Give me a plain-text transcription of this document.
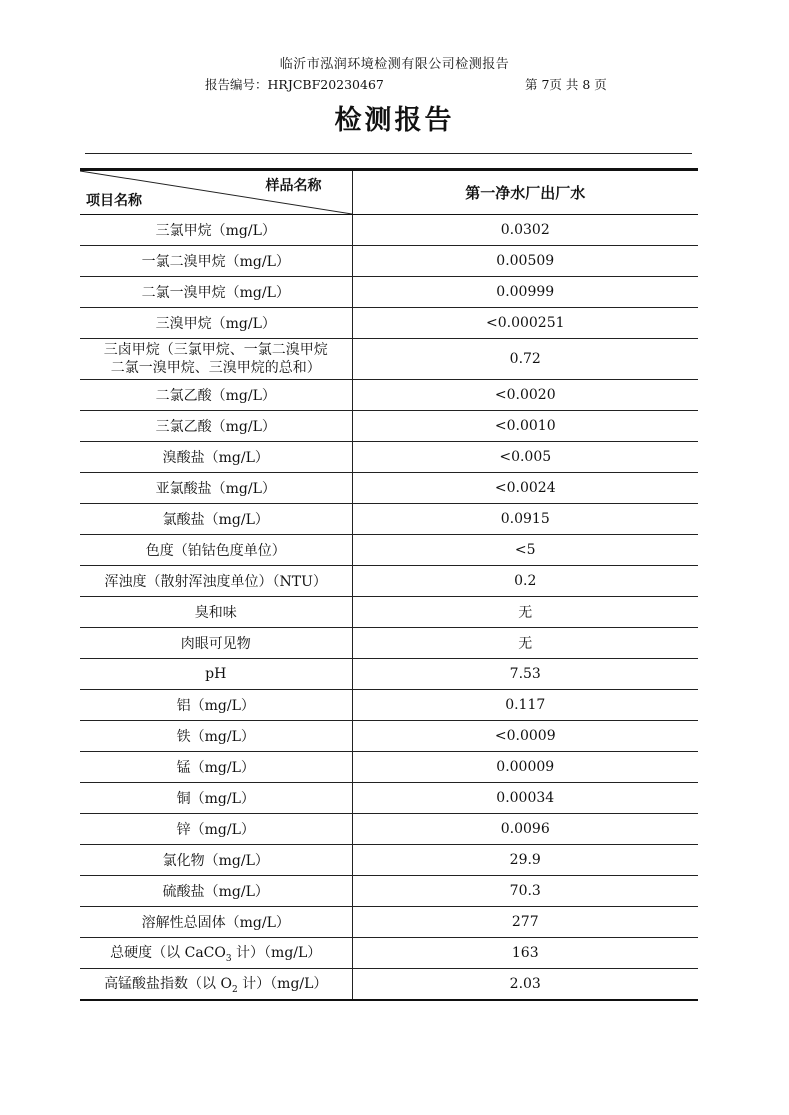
临沂市泓润环境检测有限公司检测报告
报告编号：HRJCBF20230467	第 7页 共 8 页
检测报告
样品名称
项目名称	第一净水厂出厂水
三氯甲烷（mg/L）	0.0302
一氯二溴甲烷（mg/L）	0.00509
二氯一溴甲烷（mg/L）	0.00999
三溴甲烷（mg/L）	<0.000251
三卤甲烷（三氯甲烷、一氯二溴甲烷
二氯一溴甲烷、三溴甲烷的总和）	0.72
二氯乙酸（mg/L）	<0.0020
三氯乙酸（mg/L）	<0.0010
溴酸盐（mg/L）	<0.005
亚氯酸盐（mg/L）	<0.0024
氯酸盐（mg/L）	0.0915
色度（铂钴色度单位）	<5
浑浊度（散射浑浊度单位）（NTU）	0.2
臭和味	无
肉眼可见物	无
pH	7.53
铝（mg/L）	0.117
铁（mg/L）	<0.0009
锰（mg/L）	0.00009
铜（mg/L）	0.00034
锌（mg/L）	0.0096
氯化物（mg/L）	29.9
硫酸盐（mg/L）	70.3
溶解性总固体（mg/L）	277
总硬度（以 CaCO$_3$ 计）（mg/L）	163
高锰酸盐指数（以 $O_2$ 计）（mg/L）	2.03
